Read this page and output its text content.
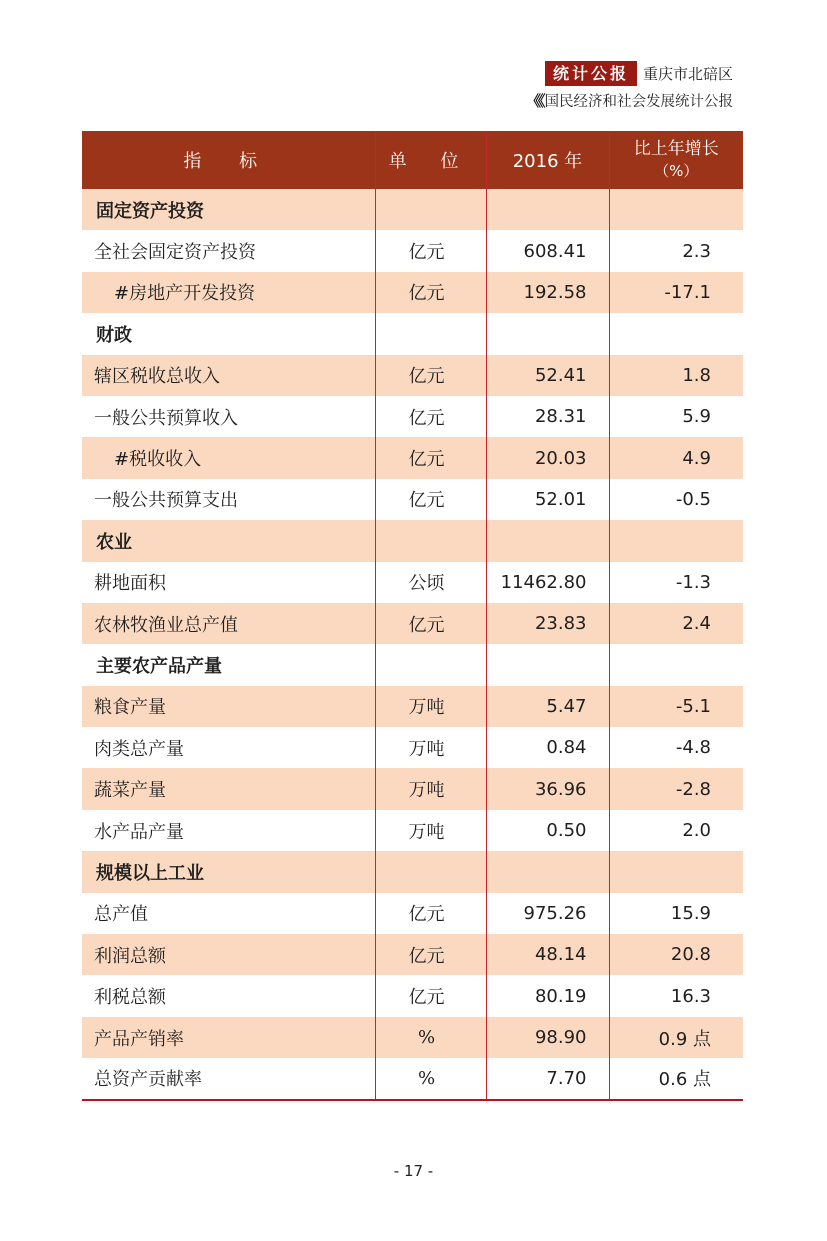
统计公报 重庆市北碚区
《《 国民经济和社会发展统计公报
指 标	单 位	2016 年	比上年增长
（%）

固定资产投资			
全社会固定资产投资	亿元	608.41	2.3
#房地产开发投资	亿元	192.58	-17.1
财政			
辖区税收总收入	亿元	52.41	1.8
一般公共预算收入	亿元	28.31	5.9
#税收收入	亿元	20.03	4.9
一般公共预算支出	亿元	52.01	-0.5
农业			
耕地面积	公顷	11462.80	-1.3
农林牧渔业总产值	亿元	23.83	2.4
主要农产品产量			
粮食产量	万吨	5.47	-5.1
肉类总产量	万吨	0.84	-4.8
蔬菜产量	万吨	36.96	-2.8
水产品产量	万吨	0.50	2.0
规模以上工业			
总产值	亿元	975.26	15.9
利润总额	亿元	48.14	20.8
利税总额	亿元	80.19	16.3
产品产销率	%	98.90	0.9 点
总资产贡献率	%	7.70	0.6 点
- 17 -
